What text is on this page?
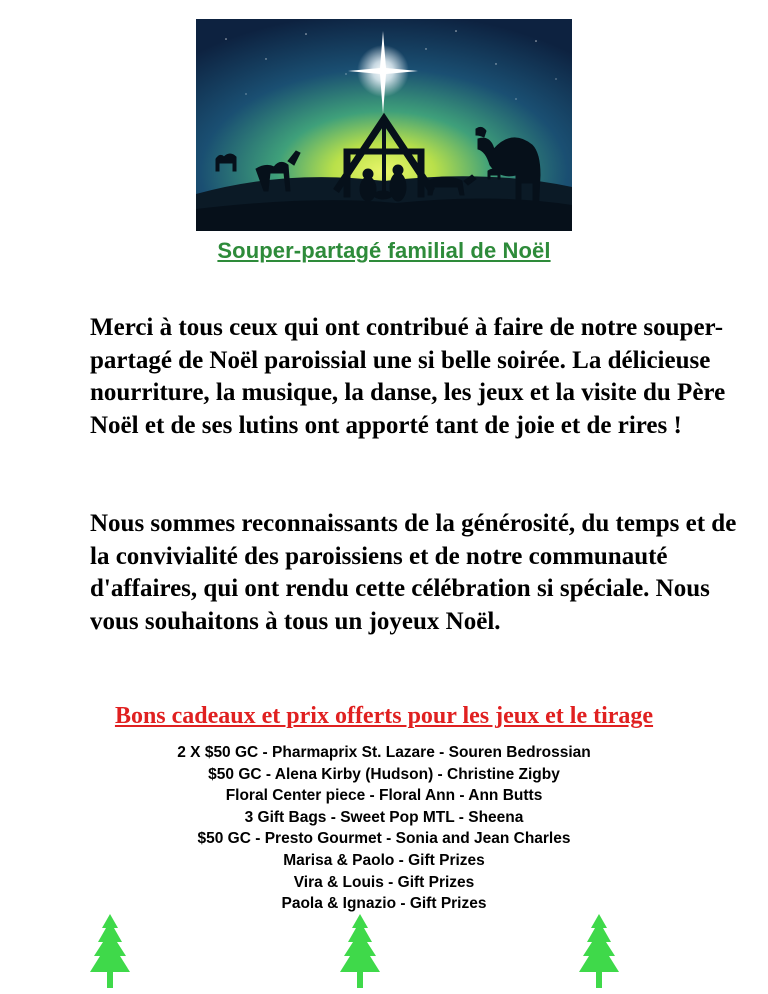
Souper-partagé familial de Noël

Merci à tous ceux qui ont contribué à faire de notre souper-partagé de Noël paroissial une si belle soirée. La délicieuse nourriture, la musique, la danse, les jeux et la visite du Père Noël et de ses lutins ont apporté tant de joie et de rires !

Nous sommes reconnaissants de la générosité, du temps et de la convivialité des paroissiens et de notre communauté d'affaires, qui ont rendu cette célébration si spéciale. Nous vous souhaitons à tous un joyeux Noël.

Bons cadeaux et prix offerts pour les jeux et le tirage
2 X $50 GC - Pharmaprix St. Lazare - Souren Bedrossian
$50 GC - Alena Kirby (Hudson) - Christine Zigby
Floral Center piece - Floral Ann - Ann Butts
3 Gift Bags - Sweet Pop MTL - Sheena
$50 GC - Presto Gourmet - Sonia and Jean Charles
Marisa & Paolo - Gift Prizes
Vira & Louis - Gift Prizes
Paola & Ignazio - Gift Prizes
